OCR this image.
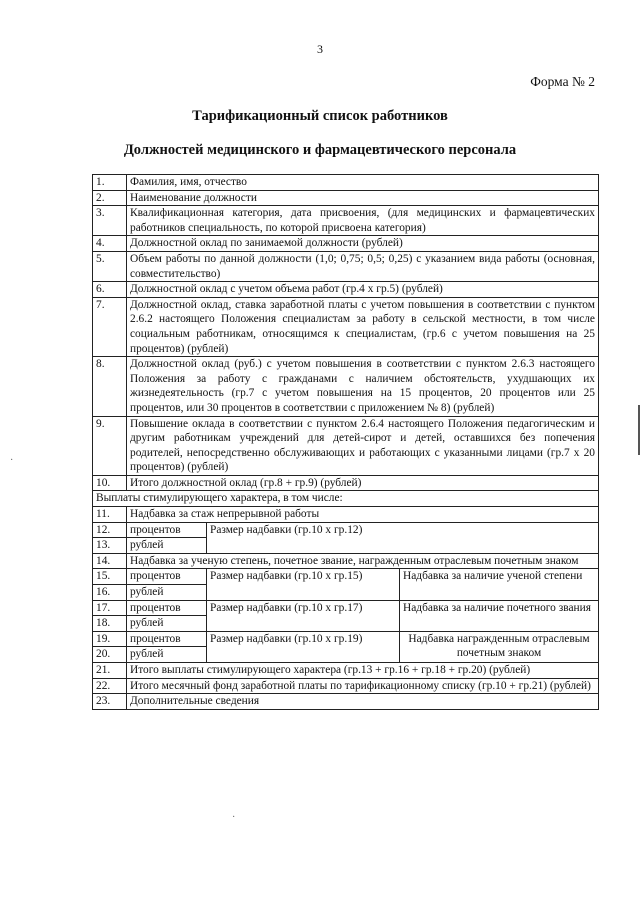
3
Форма № 2
Тарификационный список работников
Должностей медицинского и фармацевтического персонала
1.	Фамилия, имя, отчество		
2.	Наименование должности		
3.	Квалификационная категория, дата присвоения, (для медицинских и фармацевтических работников специальность, по которой присвоена категория)		
4.	Должностной оклад по занимаемой должности (рублей)		
5.	Объем работы по данной должности (1,0; 0,75; 0,5; 0,25) с указанием вида работы (основная, совместительство)		
6.	Должностной оклад с учетом объема работ (гр.4 х гр.5) (рублей)		
7.	Должностной оклад, ставка заработной платы с учетом повышения в соответствии с пунктом 2.6.2 настоящего Положения специалистам за работу в сельской местности, в том числе социальным работникам, относящимся к специалистам, (гр.6 с учетом повышения на 25 процентов) (рублей)		
8.	Должностной оклад (руб.) с учетом повышения в соответствии с пунктом 2.6.3 настоящего Положения за работу с гражданами с наличием обстоятельств, ухудшающих их жизнедеятельность (гр.7 с учетом повышения на 15 процентов, 20 процентов или 25 процентов, или 30 процентов в соответствии с приложением № 8) (рублей)		
9.	Повышение оклада в соответствии с пунктом 2.6.4 настоящего Положения педагогическим и другим работникам учреждений для детей-сирот и детей, оставшихся без попечения родителей, непосредственно обслуживающих и работающих с указанными лицами (гр.7 х 20 процентов) (рублей)		
10.	Итого должностной оклад (гр.8 + гр.9) (рублей)		
Выплаты стимулирующего характера, в том числе:			
11.	Надбавка за стаж непрерывной работы		
12.	процентов	Размер надбавки (гр.10 х гр.12)	
13.	рублей		
14.	Надбавка за ученую степень, почетное звание, награжденным отраслевым почетным знаком		
15.	процентов	Размер надбавки (гр.10 х гр.15)	Надбавка за наличие ученой степени
16.	рублей		
17.	процентов	Размер надбавки (гр.10 х гр.17)	Надбавка за наличие почетного звания
18.	рублей		
19.	процентов	Размер надбавки (гр.10 х гр.19)	Надбавка награжденным отраслевым почетным знаком
20.	рублей		
21.	Итого выплаты стимулирующего характера (гр.13 + гр.16 + гр.18 + гр.20) (рублей)		
22.	Итого месячный фонд заработной платы по тарификационному списку (гр.10 + гр.21) (рублей)		
23.	Дополнительные сведения		
·
·
